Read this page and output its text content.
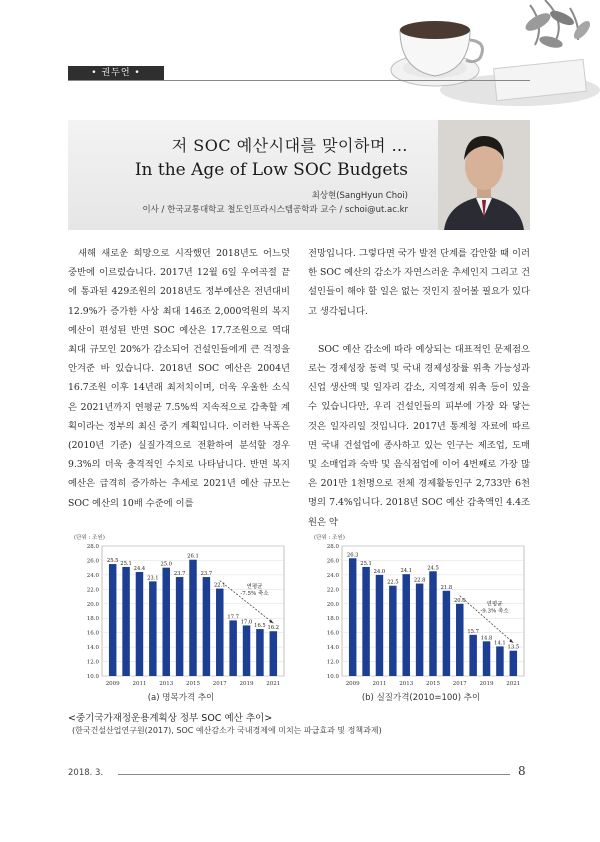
• 권두언 •
저 SOC 예산시대를 맞이하며 …
In the Age of Low SOC Budgets
최상현(SangHyun Choi)
이사 / 한국교통대학교 철도인프라시스템공학과 교수 / schoi@ut.ac.kr

새해 새로운 희망으로 시작했던 2018년도 어느덧 중반에 이르렀습니다. 2017년 12월 6일 우여곡절 끝에 통과된 429조원의 2018년도 정부예산은 전년대비 12.9%가 증가한 사상 최대 146조 2,000억원의 복지 예산이 편성된 반면 SOC 예산은 17.7조원으로 역대 최대 규모인 20%가 감소되어 건설인들에게 큰 걱정을 안겨준 바 있습니다. 2018년 SOC 예산은 2004년 16.7조원 이후 14년래 최저치이며, 더욱 우울한 소식은 2021년까지 연평균 7.5%씩 지속적으로 감축할 계획이라는 정부의 최신 중기 계획입니다. 이러한 낙폭은 (2010년 기준) 실질가격으로 전환하여 분석할 경우 9.3%의 더욱 충격적인 수치로 나타납니다. 반면 복지예산은 급격히 증가하는 추세로 2021년 예산 규모는 SOC 예산의 10배 수준에 이를

전망입니다. 그렇다면 국가 발전 단계를 감안할 때 이러한 SOC 예산의 감소가 자연스러운 추세인지 그리고 건설인들이 해야 할 일은 없는 것인지 짚어볼 필요가 있다고 생각됩니다.

SOC 예산 감소에 따라 예상되는 대표적인 문제점으로는 경제성장 동력 및 국내 경제성장률 위축 가능성과 신업 생산액 및 일자리 감소, 지역경제 위축 등이 있을 수 있습니다만, 우리 건설인들의 피부에 가장 와 닿는 것은 일자리일 것입니다. 2017년 통계청 자료에 따르면 국내 건설업에 종사하고 있는 인구는 제조업, 도매 및 소매업과 숙박 및 음식점업에 이어 4번째로 가장 많은 201만 1천명으로 전체 경제활동인구 2,733만 6천명의 7.4%입니다. 2018년 SOC 예산 감축액인 4.4조원은 약

(단위 : 조원)
10.0
12.0
14.0
16.0
18.0
20.0
22.0
24.0
26.0
28.0
25.5 25.1
24.4
23.1
25.0
23.7
26.1
23.7
22.1
17.7
17.0
16.5 16.2
2009 2011 2013 2015 2017 2019 2021
연평균
-7.5% 축소
(단위 : 조원)
10.0
12.0
14.0
16.0
18.0
20.0
22.0
24.0
26.0
28.0
26.3
25.1
24.0
22.5
24.1
22.8
24.5
21.8
20.0
15.7
14.8
14.1
13.5
2009 2011 2013 2015 2017 2019 2021
연평균
-9.3% 축소
(a) 명목가격 추이	(b) 실질가격(2010=100) 추이
<중기국가재정운용계획상 정부 SOC 예산 추이>
(한국건설산업연구원(2017), SOC 예산감소가 국내경제에 미치는 파급효과 및 정책과제)
2018. 3.	8
